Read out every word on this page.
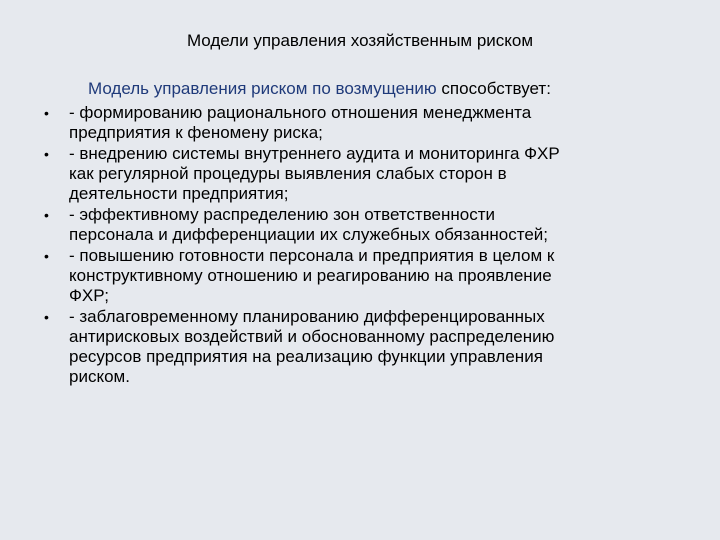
Модели управления хозяйственным риском
Модель управления риском по возмущению способствует:
•	- формированию рационального отношения менеджмента
предприятия к феномену риска;
•	- внедрению системы внутреннего аудита и мониторинга ФХР
как регулярной процедуры выявления слабых сторон в
деятельности предприятия;
•	- эффективному распределению зон ответственности
персонала и дифференциации их служебных обязанностей;
•	- повышению готовности персонала и предприятия в целом к
конструктивному отношению и реагированию на проявление
ФХР;
•	- заблаговременному планированию дифференцированных
антирисковых воздействий и обоснованному распределению
ресурсов предприятия на реализацию функции управления
риском.
